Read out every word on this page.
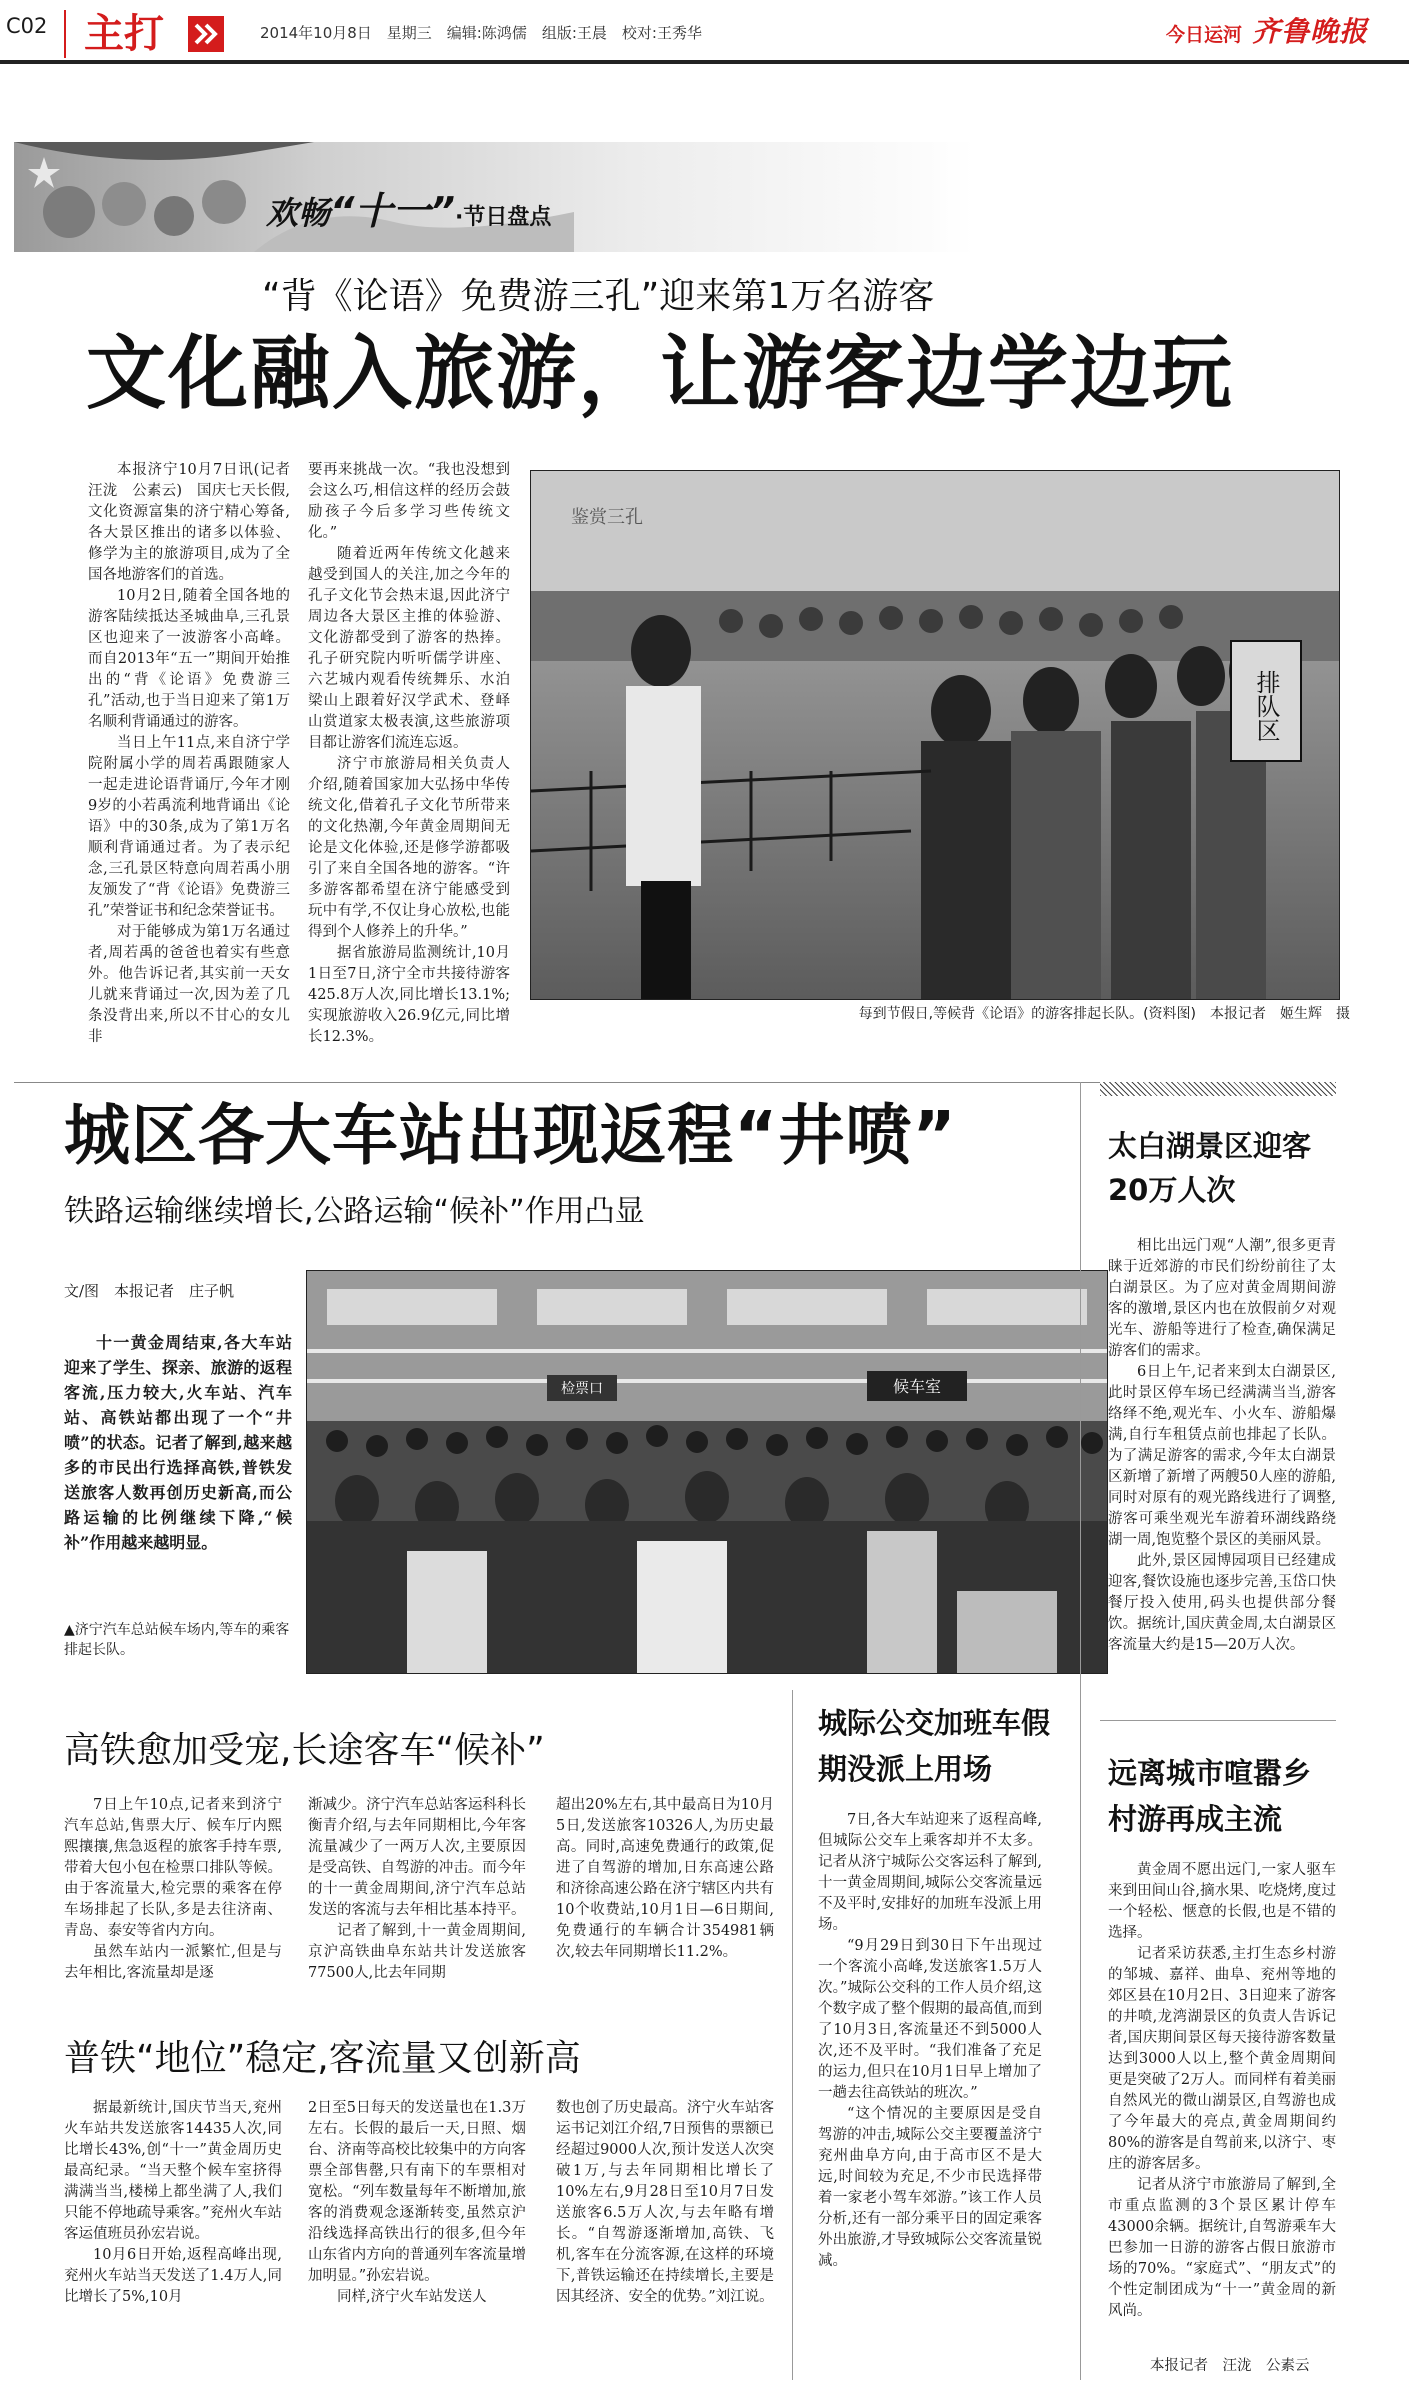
C02 主打	2014年10月8日　星期三　编辑:陈鸿儒　组版:王晨　校对:王秀华	今日运河 齐鲁晚报
欢畅“十一”·节日盘点
“背《论语》免费游三孔”迎来第1万名游客
文化融入旅游，让游客边学边玩

本报济宁10月7日讯(记者　汪泷　公素云)　国庆七天长假,文化资源富集的济宁精心筹备,各大景区推出的诸多以体验、修学为主的旅游项目,成为了全国各地游客们的首选。

10月2日,随着全国各地的游客陆续抵达圣城曲阜,三孔景区也迎来了一波游客小高峰。而自2013年“五一”期间开始推出的“背《论语》免费游三孔”活动,也于当日迎来了第1万名顺利背诵通过的游客。

当日上午11点,来自济宁学院附属小学的周若禹跟随家人一起走进论语背诵厅,今年才刚9岁的小若禹流利地背诵出《论语》中的30条,成为了第1万名顺利背诵通过者。为了表示纪念,三孔景区特意向周若禹小朋友颁发了“背《论语》免费游三孔”荣誉证书和纪念荣誉证书。

对于能够成为第1万名通过者,周若禹的爸爸也着实有些意外。他告诉记者,其实前一天女儿就来背诵过一次,因为差了几条没背出来,所以不甘心的女儿非

要再来挑战一次。“我也没想到会这么巧,相信这样的经历会鼓励孩子今后多学习些传统文化。”

随着近两年传统文化越来越受到国人的关注,加之今年的孔子文化节会热末退,因此济宁周边各大景区主推的体验游、文化游都受到了游客的热捧。孔子研究院内听听儒学讲座、六艺城内观看传统舞乐、水泊梁山上跟着好汉学武术、登峄山赏道家太极表演,这些旅游项目都让游客们流连忘返。

济宁市旅游局相关负责人介绍,随着国家加大弘扬中华传统文化,借着孔子文化节所带来的文化热潮,今年黄金周期间无论是文化体验,还是修学游都吸引了来自全国各地的游客。“许多游客都希望在济宁能感受到玩中有学,不仅让身心放松,也能得到个人修养上的升华。”

据省旅游局监测统计,10月1日至7日,济宁全市共接待游客425.8万人次,同比增长13.1%;实现旅游收入26.9亿元,同比增长12.3%。

排队区
鉴赏三孔
每到节假日,等候背《论语》的游客排起长队。(资料图)　本报记者　姬生辉　摄
城区各大车站出现返程“井喷”
铁路运输继续增长,公路运输“候补”作用凸显
文/图　本报记者　庄子帆

十一黄金周结束,各大车站迎来了学生、探亲、旅游的返程客流,压力较大,火车站、汽车站、高铁站都出现了一个“井喷”的状态。记者了解到,越来越多的市民出行选择高铁,普铁发送旅客人数再创历史新高,而公路运输的比例继续下降,“候补”作用越来越明显。

▲济宁汽车总站候车场内,等车的乘客排起长队。
候车室
检票口
高铁愈加受宠,长途客车“候补”

7日上午10点,记者来到济宁汽车总站,售票大厅、候车厅内熙熙攘攘,焦急返程的旅客手持车票,带着大包小包在检票口排队等候。由于客流量大,检完票的乘客在停车场排起了长队,多是去往济南、青岛、泰安等省内方向。

虽然车站内一派繁忙,但是与去年相比,客流量却是逐

渐减少。济宁汽车总站客运科科长衡青介绍,与去年同期相比,今年客流量减少了一两万人次,主要原因是受高铁、自驾游的冲击。而今年的十一黄金周期间,济宁汽车总站发送的客流与去年相比基本持平。

记者了解到,十一黄金周期间,京沪高铁曲阜东站共计发送旅客77500人,比去年同期

超出20%左右,其中最高日为10月5日,发送旅客10326人,为历史最高。同时,高速免费通行的政策,促进了自驾游的增加,日东高速公路和济徐高速公路在济宁辖区内共有10个收费站,10月1日—6日期间,免费通行的车辆合计354981辆次,较去年同期增长11.2%。

普铁“地位”稳定,客流量又创新高

据最新统计,国庆节当天,兖州火车站共发送旅客14435人次,同比增长43%,创“十一”黄金周历史最高纪录。“当天整个候车室挤得满满当当,楼梯上都坐满了人,我们只能不停地疏导乘客。”兖州火车站客运值班员孙宏岩说。

10月6日开始,返程高峰出现,兖州火车站当天发送了1.4万人,同比增长了5%,10月

2日至5日每天的发送量也在1.3万左右。长假的最后一天,日照、烟台、济南等高校比较集中的方向客票全部售罄,只有南下的车票相对宽松。“列车数量每年不断增加,旅客的消费观念逐渐转变,虽然京沪沿线选择高铁出行的很多,但今年山东省内方向的普通列车客流量增加明显。”孙宏岩说。

同样,济宁火车站发送人

数也创了历史最高。济宁火车站客运书记刘江介绍,7日预售的票额已经超过9000人次,预计发送人次突破1万,与去年同期相比增长了10%左右,9月28日至10月7日发送旅客6.5万人次,与去年略有增长。“自驾游逐渐增加,高铁、飞机,客车在分流客源,在这样的环境下,普铁运输还在持续增长,主要是因其经济、安全的优势。”刘江说。

城际公交加班车假期没派上用场

7日,各大车站迎来了返程高峰,但城际公交车上乘客却并不太多。记者从济宁城际公交客运科了解到,十一黄金周期间,城际公交客流量远不及平时,安排好的加班车没派上用场。

“9月29日到30日下午出现过一个客流小高峰,发送旅客1.5万人次。”城际公交科的工作人员介绍,这个数字成了整个假期的最高值,而到了10月3日,客流量还不到5000人次,还不及平时。“我们准备了充足的运力,但只在10月1日早上增加了一趟去往高铁站的班次。”

“这个情况的主要原因是受自驾游的冲击,城际公交主要覆盖济宁兖州曲阜方向,由于高市区不是大远,时间较为充足,不少市民选择带着一家老小驾车郊游。”该工作人员分析,还有一部分乘平日的固定乘客外出旅游,才导致城际公交客流量锐减。

太白湖景区迎客20万人次

相比出远门观“人潮”,很多更青睐于近郊游的市民们纷纷前往了太白湖景区。为了应对黄金周期间游客的激增,景区内也在放假前夕对观光车、游船等进行了检查,确保满足游客们的需求。

6日上午,记者来到太白湖景区,此时景区停车场已经满满当当,游客络绎不绝,观光车、小火车、游船爆满,自行车租赁点前也排起了长队。为了满足游客的需求,今年太白湖景区新增了新增了两艘50人座的游船,同时对原有的观光路线进行了调整,游客可乘坐观光车游着环湖线路绕湖一周,饱览整个景区的美丽风景。

此外,景区园博园项目已经建成迎客,餐饮设施也逐步完善,玉岱口快餐厅投入使用,码头也提供部分餐饮。据统计,国庆黄金周,太白湖景区客流量大约是15—20万人次。

远离城市喧嚣乡村游再成主流

黄金周不愿出远门,一家人驱车来到田间山谷,摘水果、吃烧烤,度过一个轻松、惬意的长假,也是不错的选择。

记者采访获悉,主打生态乡村游的邹城、嘉祥、曲阜、兖州等地的郊区县在10月2日、3日迎来了游客的井喷,龙湾湖景区的负责人告诉记者,国庆期间景区每天接待游客数量达到3000人以上,整个黄金周期间更是突破了2万人。而同样有着美丽自然风光的微山湖景区,自驾游也成了今年最大的亮点,黄金周期间约80%的游客是自驾前来,以济宁、枣庄的游客居多。

记者从济宁市旅游局了解到,全市重点监测的3个景区累计停车43000余辆。据统计,自驾游乘车大巴参加一日游的游客占假日旅游市场的70%。“家庭式”、“朋友式”的个性定制团成为“十一”黄金周的新风尚。

本报记者　汪泷　公素云
